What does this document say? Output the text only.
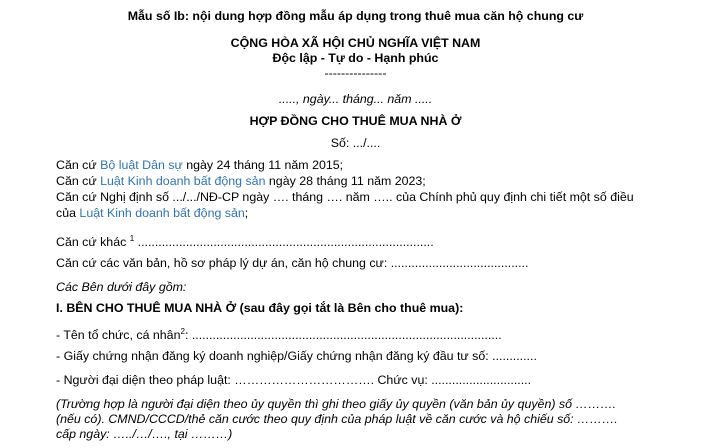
Mẫu số Ib: nội dung hợp đồng mẫu áp dụng trong thuê mua căn hộ chung cư
CỘNG HÒA XÃ HỘI CHỦ NGHĨA VIỆT NAM
Độc lập - Tự do - Hạnh phúc
---------------
....., ngày... tháng... năm .....
HỢP ĐỒNG CHO THUÊ MUA NHÀ Ở
Số: .../....
Căn cứ Bộ luật Dân sự ngày 24 tháng 11 năm 2015;
Căn cứ Luật Kinh doanh bất động sản ngày 28 tháng 11 năm 2023;
Căn cứ Nghị định số .../.../NĐ-CP ngày …. tháng …. năm ….. của Chính phủ quy định chi tiết một số điều
của Luật Kinh doanh bất động sản;
Căn cứ khác $^1$ ......................................................................................
Căn cứ các văn bản, hồ sơ pháp lý dự án, căn hộ chung cư: ........................................
Các Bên dưới đây gồm:
I. BÊN CHO THUÊ MUA NHÀ Ở (sau đây gọi tắt là Bên cho thuê mua):
- Tên tổ chức, cá nhân$^2$: ..........................................................................................
- Giấy chứng nhận đăng ký doanh nghiệp/Giấy chứng nhận đăng ký đầu tư số: .............
- Người đại diện theo pháp luật: ……………………………. Chức vụ: .............................
(Trường hợp là người đại diện theo ủy quyền thì ghi theo giấy ủy quyền (văn bản ủy quyền) số ……….
(nếu có). CMND/CCCD/thẻ căn cước theo quy định của pháp luật về căn cước và hộ chiếu số: ……….
cấp ngày: …../…/…., tại ………)
